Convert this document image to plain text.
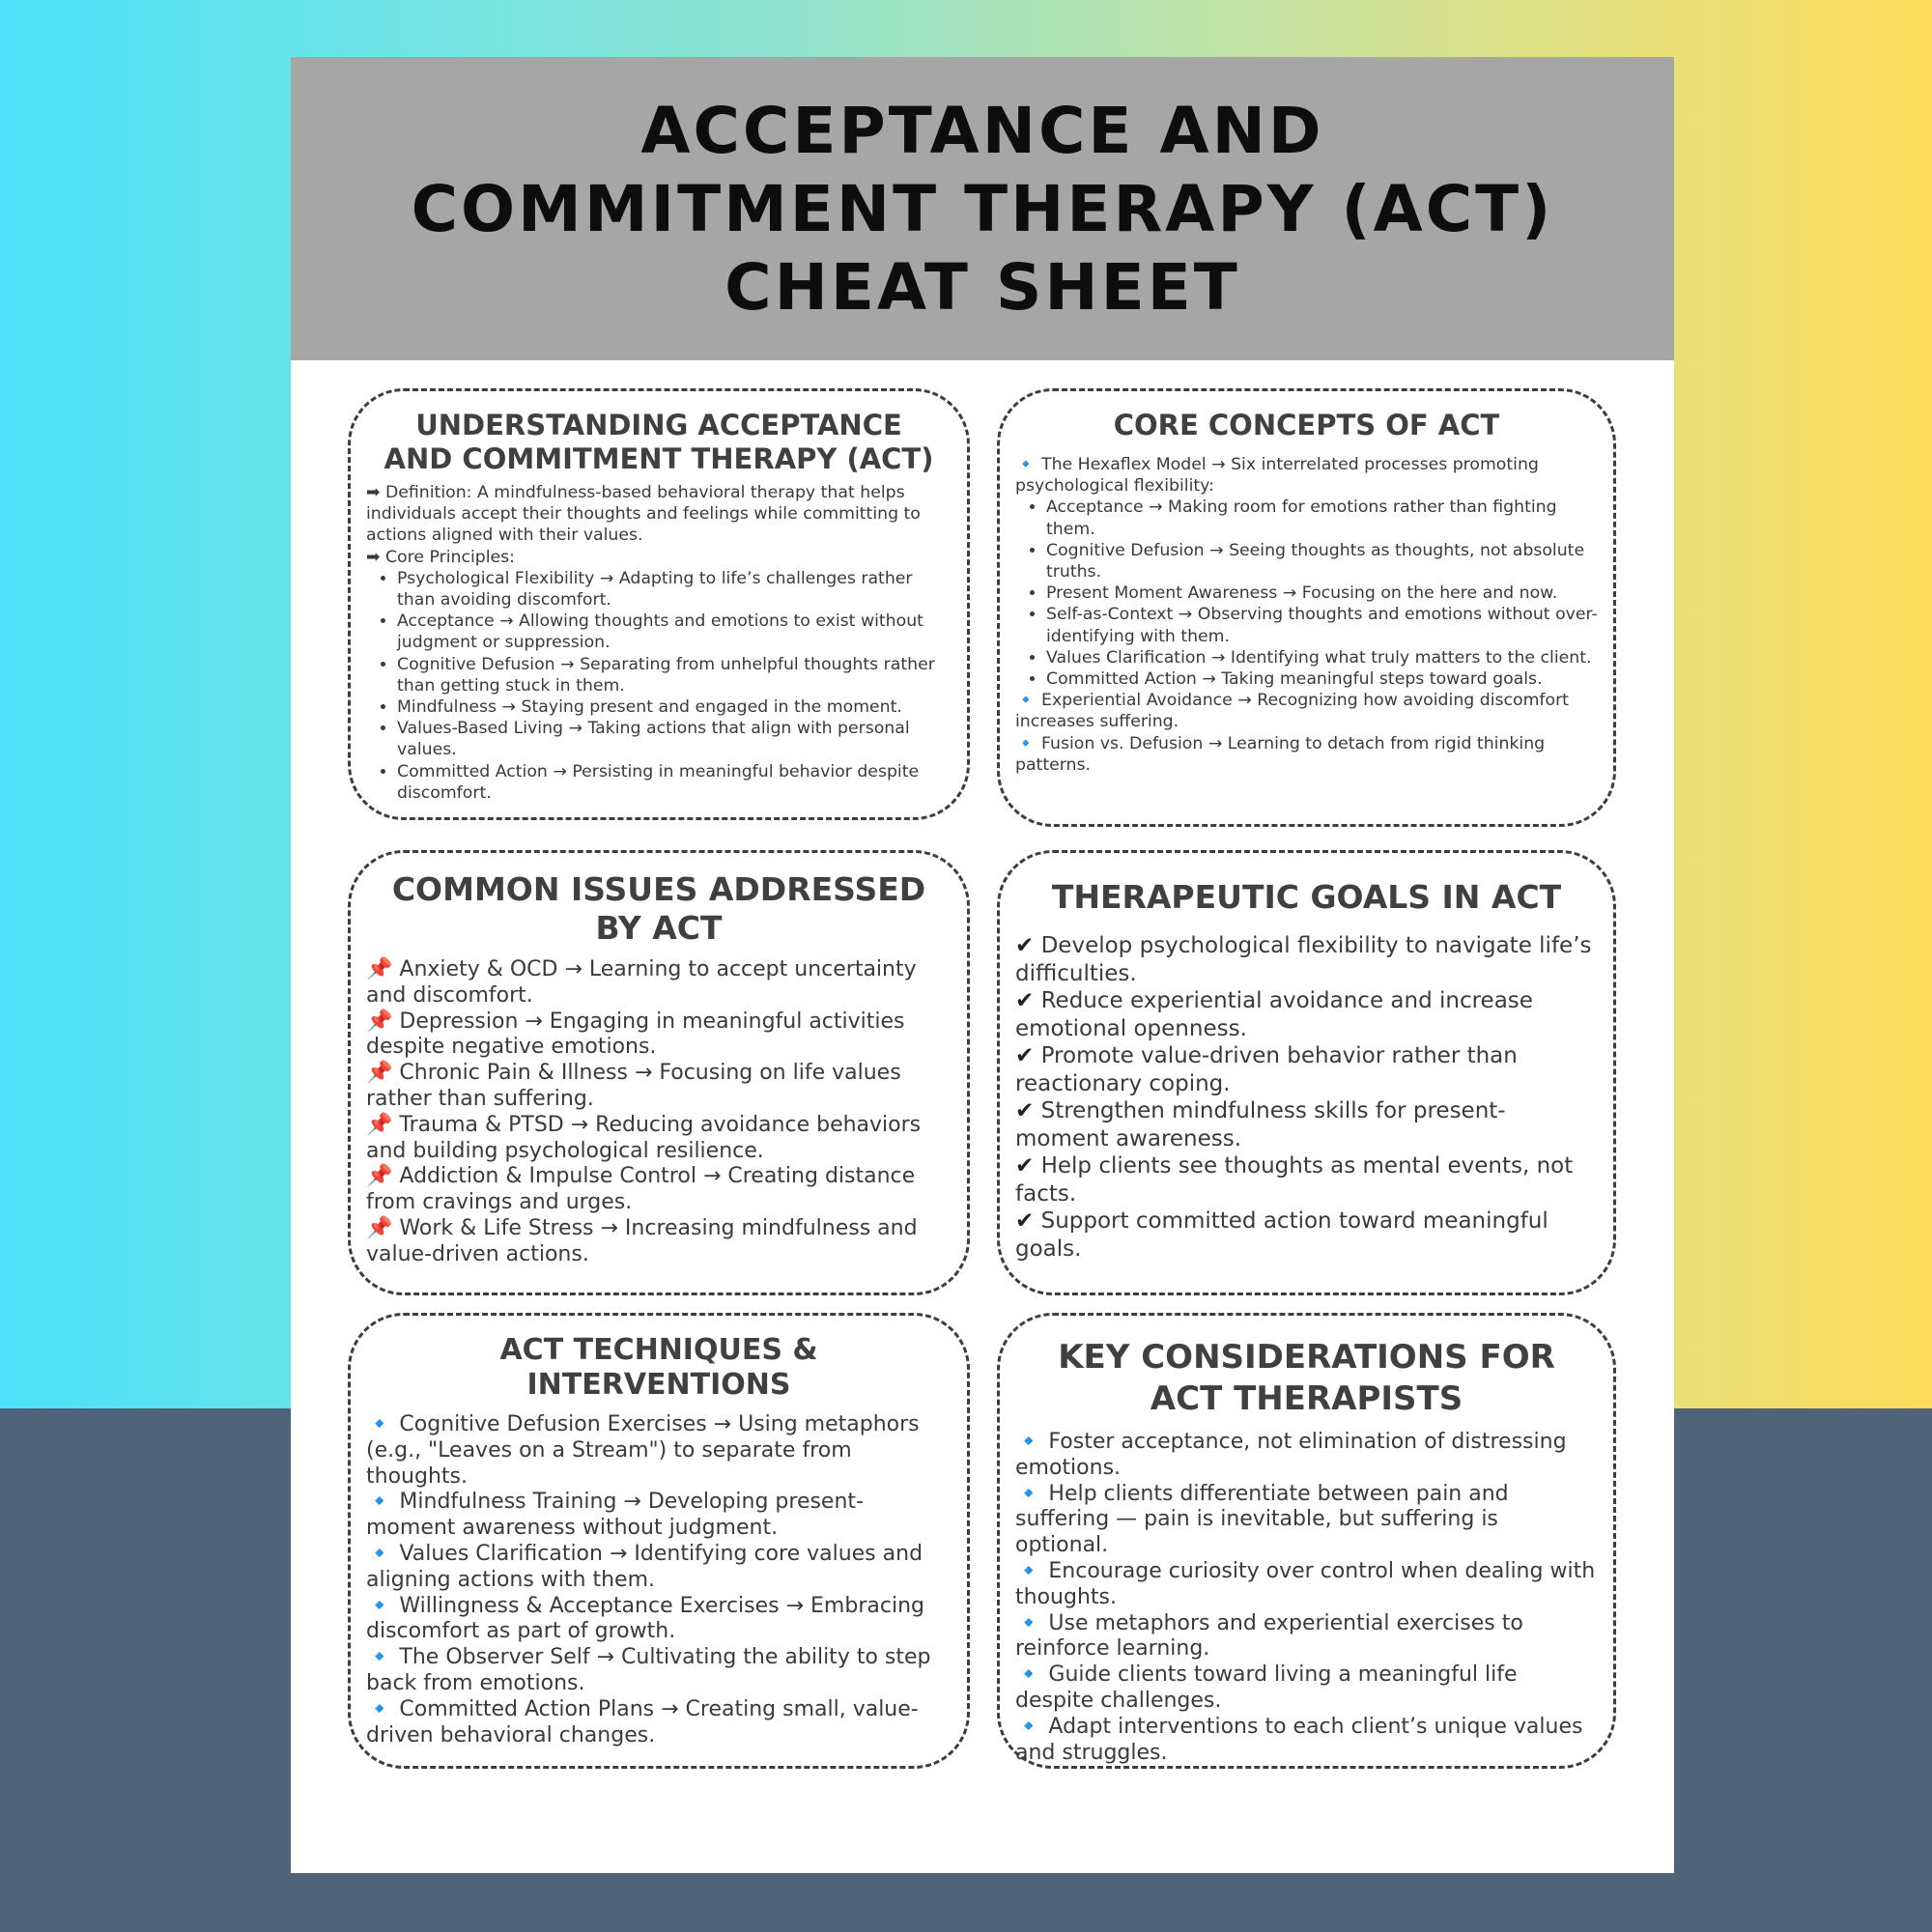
ACCEPTANCE AND
COMMITMENT THERAPY (ACT)
CHEAT SHEET
UNDERSTANDING ACCEPTANCE AND COMMITMENT THERAPY (ACT)

➡ Definition: A mindfulness-based behavioral therapy that helps individuals accept their thoughts and feelings while committing to actions aligned with their values.

➡ Core Principles:

• Psychological Flexibility → Adapting to life’s challenges rather than avoiding discomfort.
• Acceptance → Allowing thoughts and emotions to exist without judgment or suppression.
• Cognitive Defusion → Separating from unhelpful thoughts rather than getting stuck in them.
• Mindfulness → Staying present and engaged in the moment.
• Values-Based Living → Taking actions that align with personal values.
• Committed Action → Persisting in meaningful behavior despite discomfort.
CORE CONCEPTS OF ACT

🔹 The Hexaflex Model → Six interrelated processes promoting psychological flexibility:

• Acceptance → Making room for emotions rather than fighting them.
• Cognitive Defusion → Seeing thoughts as thoughts, not absolute truths.
• Present Moment Awareness → Focusing on the here and now.
• Self-as-Context → Observing thoughts and emotions without over-identifying with them.
• Values Clarification → Identifying what truly matters to the client.
• Committed Action → Taking meaningful steps toward goals.

🔹 Experiential Avoidance → Recognizing how avoiding discomfort increases suffering.

🔹 Fusion vs. Defusion → Learning to detach from rigid thinking patterns.

COMMON ISSUES ADDRESSED BY ACT

📌 Anxiety & OCD → Learning to accept uncertainty and discomfort.

📌 Depression → Engaging in meaningful activities despite negative emotions.

📌 Chronic Pain & Illness → Focusing on life values rather than suffering.

📌 Trauma & PTSD → Reducing avoidance behaviors and building psychological resilience.

📌 Addiction & Impulse Control → Creating distance from cravings and urges.

📌 Work & Life Stress → Increasing mindfulness and value-driven actions.

THERAPEUTIC GOALS IN ACT

✔ Develop psychological flexibility to navigate life’s difficulties.

✔ Reduce experiential avoidance and increase emotional openness.

✔ Promote value-driven behavior rather than reactionary coping.

✔ Strengthen mindfulness skills for present-moment awareness.

✔ Help clients see thoughts as mental events, not facts.

✔ Support committed action toward meaningful goals.

ACT TECHNIQUES & INTERVENTIONS

🔹 Cognitive Defusion Exercises → Using metaphors (e.g., "Leaves on a Stream") to separate from thoughts.

🔹 Mindfulness Training → Developing present-moment awareness without judgment.

🔹 Values Clarification → Identifying core values and aligning actions with them.

🔹 Willingness & Acceptance Exercises → Embracing discomfort as part of growth.

🔹 The Observer Self → Cultivating the ability to step back from emotions.

🔹 Committed Action Plans → Creating small, value-driven behavioral changes.

KEY CONSIDERATIONS FOR ACT THERAPISTS

🔹 Foster acceptance, not elimination of distressing emotions.

🔹 Help clients differentiate between pain and suffering — pain is inevitable, but suffering is optional.

🔹 Encourage curiosity over control when dealing with thoughts.

🔹 Use metaphors and experiential exercises to reinforce learning.

🔹 Guide clients toward living a meaningful life despite challenges.

🔹 Adapt interventions to each client’s unique values and struggles.
